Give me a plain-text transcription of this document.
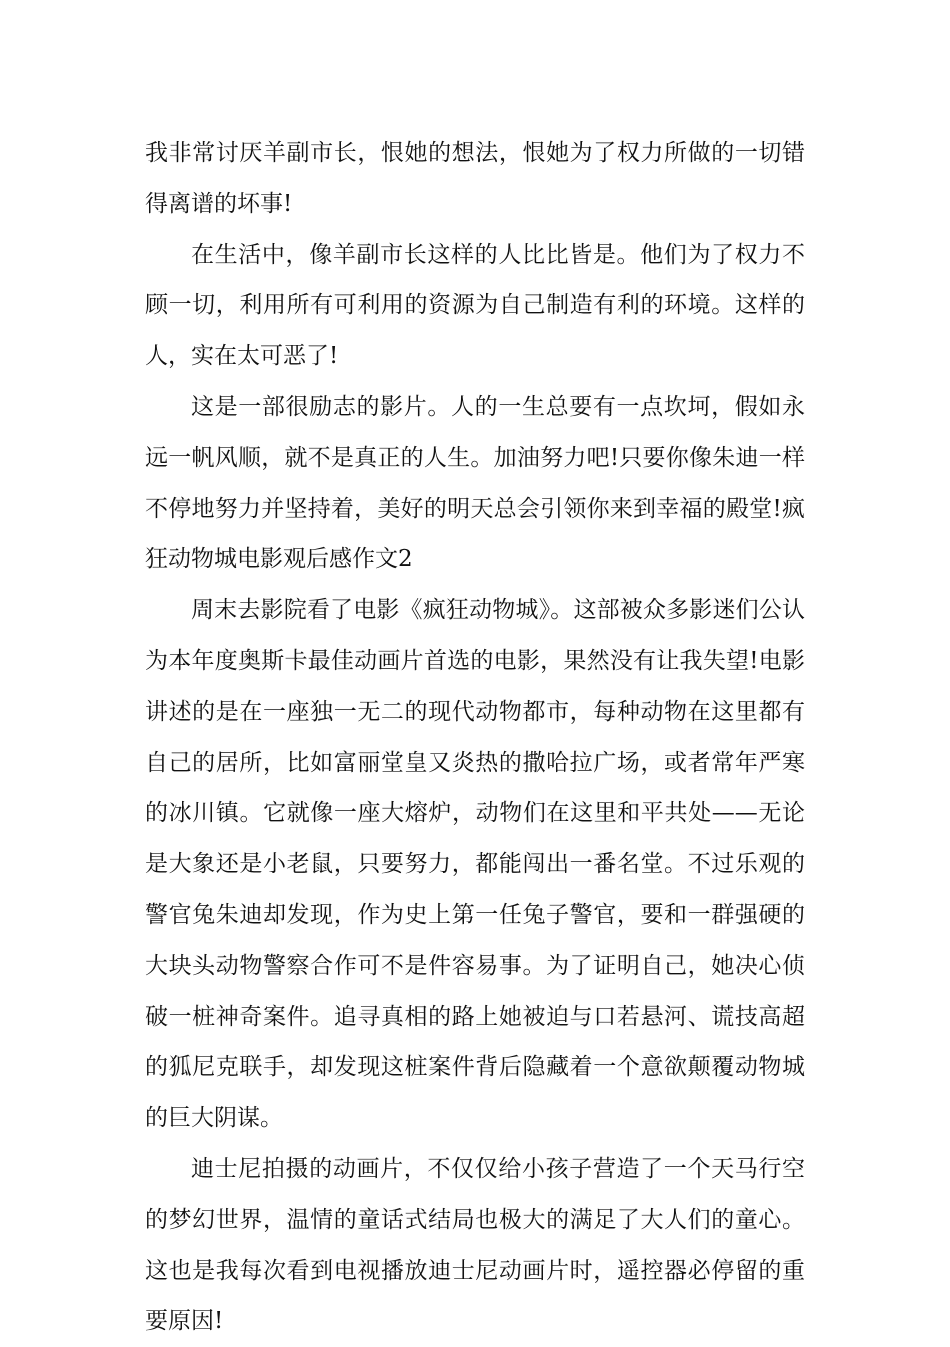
我非常讨厌羊副市长，恨她的想法，恨她为了权力所做的一切错得离谱的坏事!

在生活中，像羊副市长这样的人比比皆是。他们为了权力不顾一切，利用所有可利用的资源为自己制造有利的环境。这样的人，实在太可恶了!

这是一部很励志的影片。人的一生总要有一点坎坷，假如永远一帆风顺，就不是真正的人生。加油努力吧!只要你像朱迪一样不停地努力并坚持着，美好的明天总会引领你来到幸福的殿堂!疯狂动物城电影观后感作文2

周末去影院看了电影《疯狂动物城》。这部被众多影迷们公认为本年度奥斯卡最佳动画片首选的电影，果然没有让我失望!电影讲述的是在一座独一无二的现代动物都市，每种动物在这里都有自己的居所，比如富丽堂皇又炎热的撒哈拉广场，或者常年严寒的冰川镇。它就像一座大熔炉，动物们在这里和平共处——无论是大象还是小老鼠，只要努力，都能闯出一番名堂。不过乐观的警官兔朱迪却发现，作为史上第一任兔子警官，要和一群强硬的大块头动物警察合作可不是件容易事。为了证明自己，她决心侦破一桩神奇案件。追寻真相的路上她被迫与口若悬河、谎技高超的狐尼克联手，却发现这桩案件背后隐藏着一个意欲颠覆动物城的巨大阴谋。

迪士尼拍摄的动画片，不仅仅给小孩子营造了一个天马行空的梦幻世界，温情的童话式结局也极大的满足了大人们的童心。这也是我每次看到电视播放迪士尼动画片时，遥控器必停留的重要原因!
